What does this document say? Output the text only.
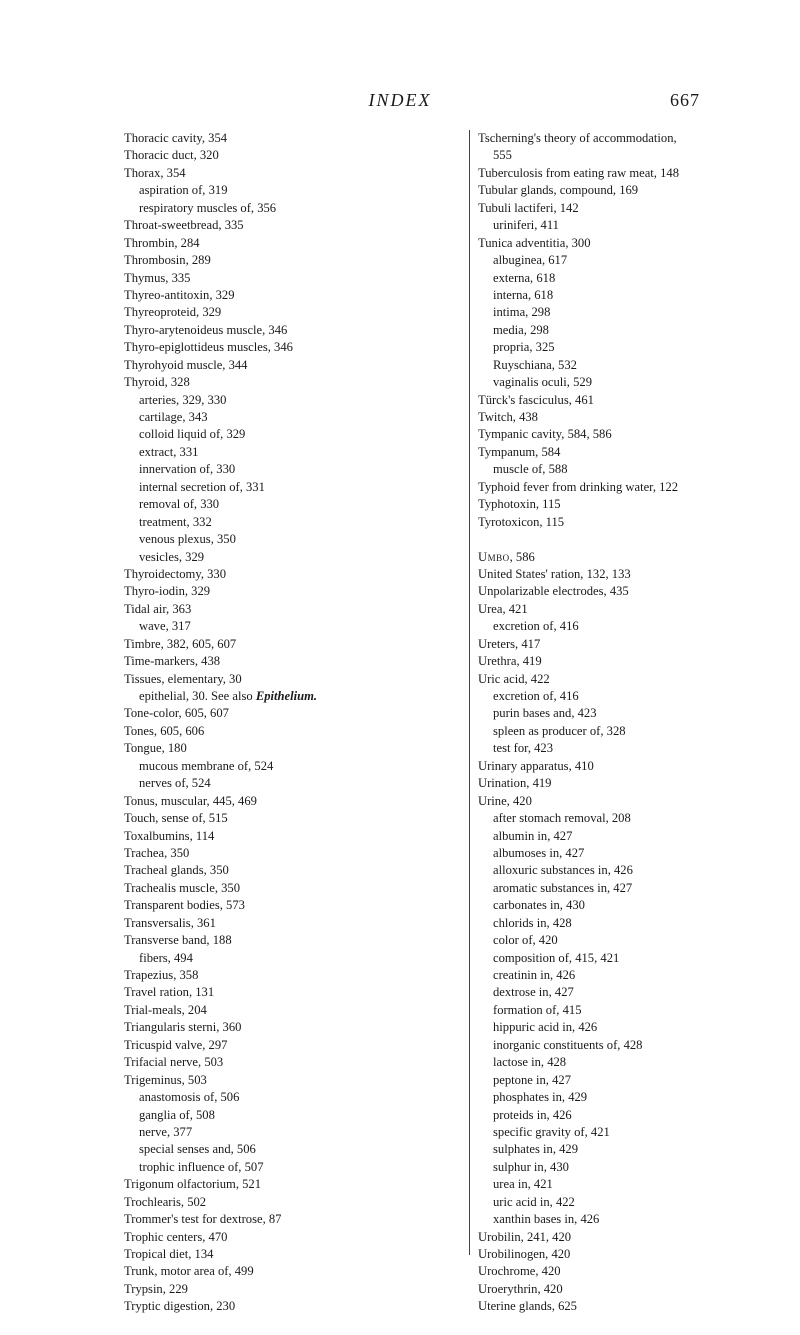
INDEX	667
Thoracic cavity, 354
Thoracic duct, 320
Thorax, 354
aspiration of, 319
respiratory muscles of, 356
Throat-sweetbread, 335
Thrombin, 284
Thrombosin, 289
Thymus, 335
Thyreo-antitoxin, 329
Thyreoproteid, 329
Thyro-arytenoideus muscle, 346
Thyro-epiglottideus muscles, 346
Thyrohyoid muscle, 344
Thyroid, 328
arteries, 329, 330
cartilage, 343
colloid liquid of, 329
extract, 331
innervation of, 330
internal secretion of, 331
removal of, 330
treatment, 332
venous plexus, 350
vesicles, 329
Thyroidectomy, 330
Thyro-iodin, 329
Tidal air, 363
wave, 317
Timbre, 382, 605, 607
Time-markers, 438
Tissues, elementary, 30
epithelial, 30. See also Epithelium.
Tone-color, 605, 607
Tones, 605, 606
Tongue, 180
mucous membrane of, 524
nerves of, 524
Tonus, muscular, 445, 469
Touch, sense of, 515
Toxalbumins, 114
Trachea, 350
Tracheal glands, 350
Trachealis muscle, 350
Transparent bodies, 573
Transversalis, 361
Transverse band, 188
fibers, 494
Trapezius, 358
Travel ration, 131
Trial-meals, 204
Triangularis sterni, 360
Tricuspid valve, 297
Trifacial nerve, 503
Trigeminus, 503
anastomosis of, 506
ganglia of, 508
nerve, 377
special senses and, 506
trophic influence of, 507
Trigonum olfactorium, 521
Trochlearis, 502
Trommer's test for dextrose, 87
Trophic centers, 470
Tropical diet, 134
Trunk, motor area of, 499
Trypsin, 229
Tryptic digestion, 230
Tscherning's theory of accommodation,
555
Tuberculosis from eating raw meat, 148
Tubular glands, compound, 169
Tubuli lactiferi, 142
uriniferi, 411
Tunica adventitia, 300
albuginea, 617
externa, 618
interna, 618
intima, 298
media, 298
propria, 325
Ruyschiana, 532
vaginalis oculi, 529
Türck's fasciculus, 461
Twitch, 438
Tympanic cavity, 584, 586
Tympanum, 584
muscle of, 588
Typhoid fever from drinking water, 122
Typhotoxin, 115
Tyrotoxicon, 115
Umbo, 586
United States' ration, 132, 133
Unpolarizable electrodes, 435
Urea, 421
excretion of, 416
Ureters, 417
Urethra, 419
Uric acid, 422
excretion of, 416
purin bases and, 423
spleen as producer of, 328
test for, 423
Urinary apparatus, 410
Urination, 419
Urine, 420
after stomach removal, 208
albumin in, 427
albumoses in, 427
alloxuric substances in, 426
aromatic substances in, 427
carbonates in, 430
chlorids in, 428
color of, 420
composition of, 415, 421
creatinin in, 426
dextrose in, 427
formation of, 415
hippuric acid in, 426
inorganic constituents of, 428
lactose in, 428
peptone in, 427
phosphates in, 429
proteids in, 426
specific gravity of, 421
sulphates in, 429
sulphur in, 430
urea in, 421
uric acid in, 422
xanthin bases in, 426
Urobilin, 241, 420
Urobilinogen, 420
Urochrome, 420
Uroerythrin, 420
Uterine glands, 625
